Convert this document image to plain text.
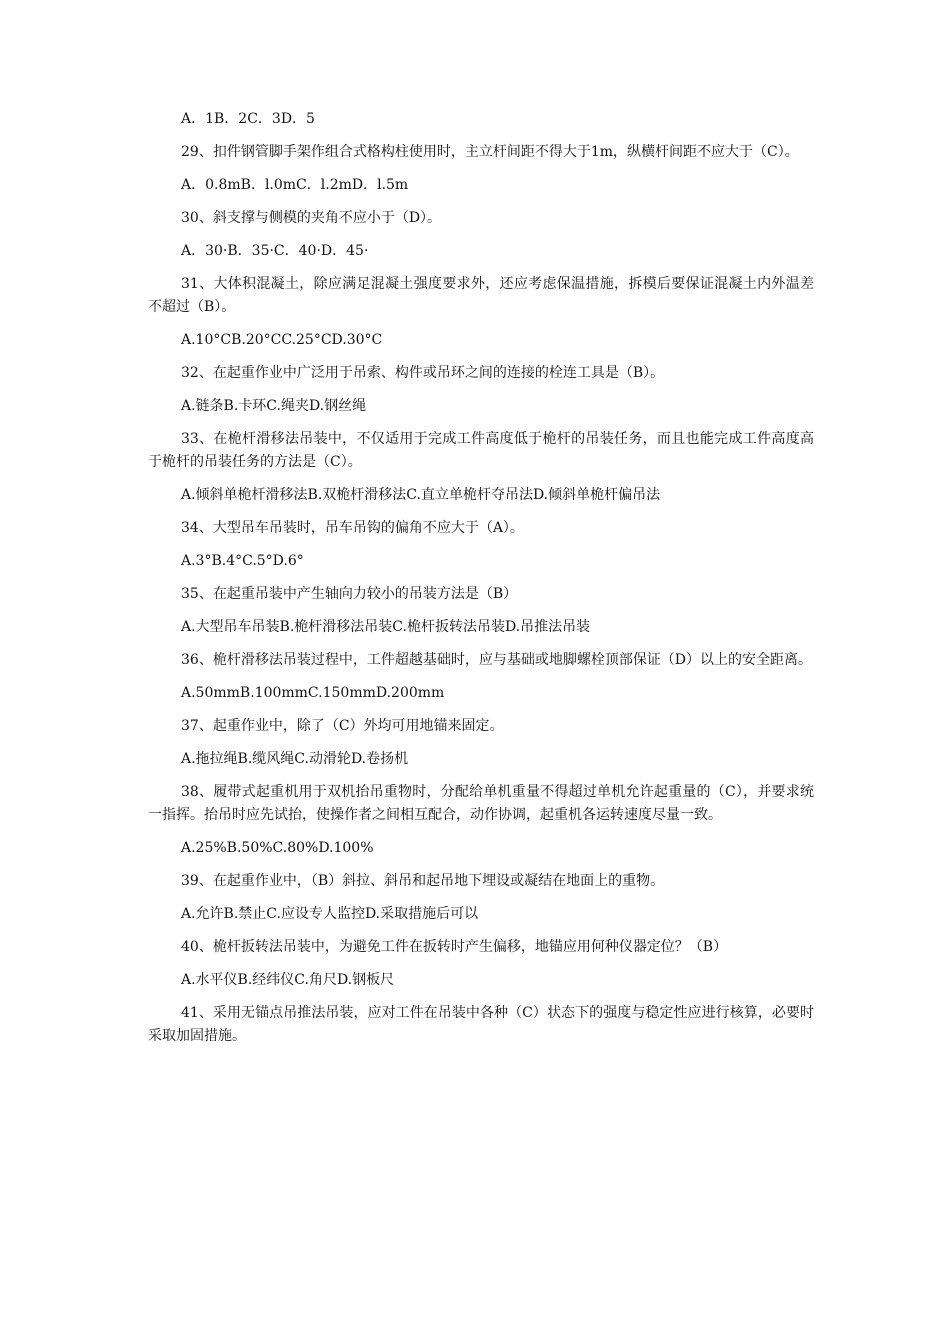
A．1B．2C．3D．5

29、扣件钢管脚手架作组合式格构柱使用时，主立杆间距不得大于1m，纵横杆间距不应大于（C）。

A．0.8mB．l.0mC．l.2mD．l.5m

30、斜支撑与侧模的夹角不应小于（D）。

A．30·B．35·C．40·D．45·

31、大体积混凝土，除应满足混凝土强度要求外，还应考虑保温措施，拆模后要保证混凝土内外温差不超过（B）。

A.10°CB.20°CC.25°CD.30°C

32、在起重作业中广泛用于吊索、构件或吊环之间的连接的栓连工具是（B）。

A.链条B.卡环C.绳夹D.钢丝绳

33、在桅杆滑移法吊装中，不仅适用于完成工件高度低于桅杆的吊装任务，而且也能完成工件高度高于桅杆的吊装任务的方法是（C）。

A.倾斜单桅杆滑移法B.双桅杆滑移法C.直立单桅杆夺吊法D.倾斜单桅杆偏吊法

34、大型吊车吊装时，吊车吊钩的偏角不应大于（A）。

A.3°B.4°C.5°D.6°

35、在起重吊装中产生轴向力较小的吊装方法是（B）

A.大型吊车吊装B.桅杆滑移法吊装C.桅杆扳转法吊装D.吊推法吊装

36、桅杆滑移法吊装过程中，工件超越基础时，应与基础或地脚螺栓顶部保证（D）以上的安全距离。

A.50mmB.100mmC.150mmD.200mm

37、起重作业中，除了（C）外均可用地锚来固定。

A.拖拉绳B.缆风绳C.动滑轮D.卷扬机

38、履带式起重机用于双机抬吊重物时，分配给单机重量不得超过单机允许起重量的（C），并要求统一指挥。抬吊时应先试抬，使操作者之间相互配合，动作协调，起重机各运转速度尽量一致。

A.25%B.50%C.80%D.100%

39、在起重作业中，（B）斜拉、斜吊和起吊地下埋设或凝结在地面上的重物。

A.允许B.禁止C.应设专人监控D.采取措施后可以

40、桅杆扳转法吊装中，为避免工件在扳转时产生偏移，地锚应用何种仪器定位？（B）

A.水平仪B.经纬仪C.角尺D.钢板尺

41、采用无锚点吊推法吊装，应对工件在吊装中各种（C）状态下的强度与稳定性应进行核算，必要时采取加固措施。
